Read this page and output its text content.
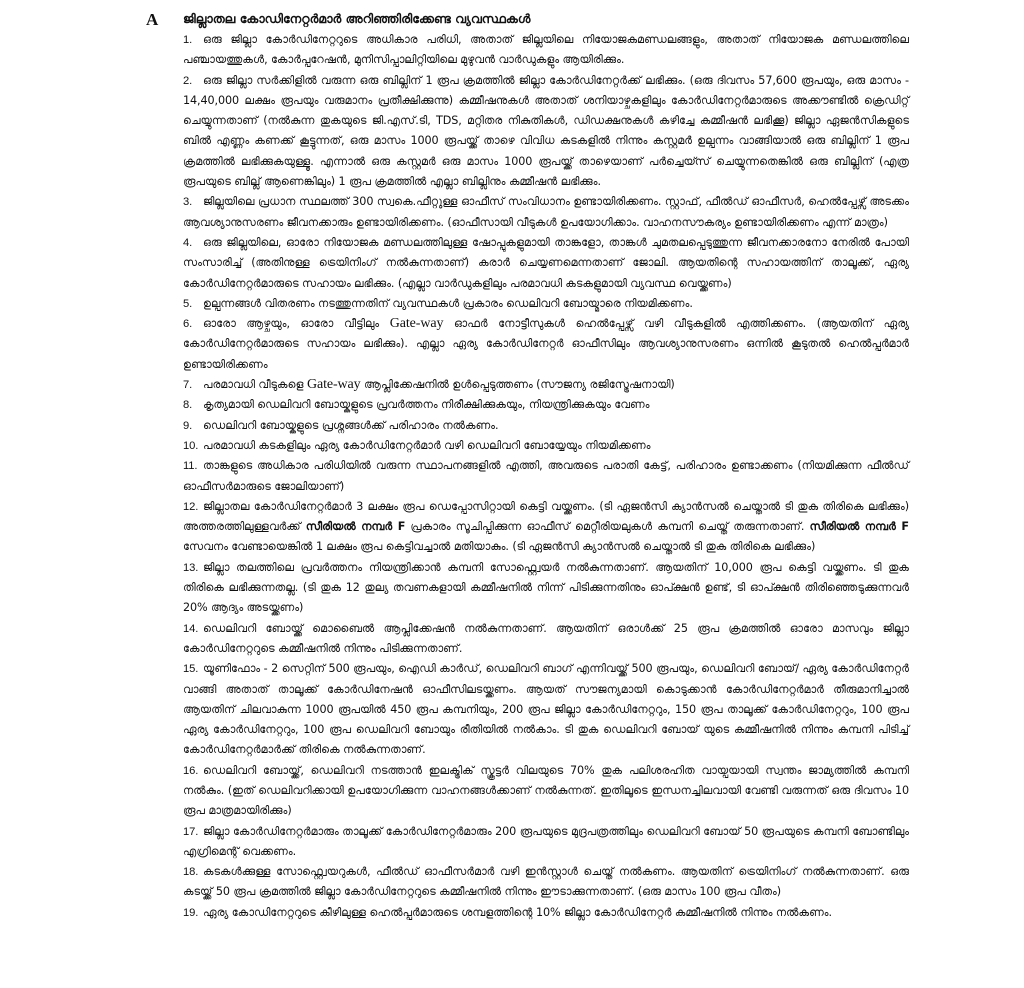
A ജില്ലാതല കോഡിനേറ്റർമാർ അറിഞ്ഞിരിക്കേണ്ട വ്യവസ്ഥകൾ
1. ഒരു ജില്ലാ കോർഡിനേറ്ററുടെ അധികാര പരിധി, അതാത് ജില്ലയിലെ നിയോജകമണ്ഡലങ്ങളും, അതാത് നിയോജക മണ്ഡലത്തിലെ പഞ്ചായത്തുകൾ, കോർപ്പറേഷൻ, മുനിസിപ്പാലിറ്റിയിലെ മുഴുവൻ വാർഡുകളും ആയിരിക്കും.
2. ഒരു ജില്ലാ സർക്കിളിൽ വരുന്ന ഒരു ബില്ലിന് 1 രൂപ ക്രമത്തിൽ ജില്ലാ കോർഡിനേറ്റർക്ക് ലഭിക്കും. (ഒരു ദിവസം 57,600 രൂപയും, ഒരു മാസം - 14,40,000 ലക്ഷം രൂപയും വരുമാനം പ്രതീക്ഷിക്കുന്നു) കമ്മീഷനുകൾ അതാത് ശനിയാഴ്ചകളിലും കോർഡിനേറ്റർമാരുടെ അക്കൗണ്ടിൽ ക്രെഡിറ്റ് ചെയ്യുന്നതാണ് (നൽകുന്ന തുകയുടെ ജി.എസ്.ടി, TDS, മറ്റിതര നികുതികൾ, ഡിഡക്ഷനുകൾ കഴിച്ചേ കമ്മീഷൻ ലഭിക്കൂ) ജില്ലാ ഏജൻസികളുടെ ബിൽ എണ്ണം കണക്ക് കൂട്ടുന്നത്, ഒരു മാസം 1000 രൂപയ്ക്ക് താഴെ വിവിധ കടകളിൽ നിന്നും കസ്റ്റമർ ഉല്പന്നം വാങ്ങിയാൽ ഒരു ബില്ലിന് 1 രൂപ ക്രമത്തിൽ ലഭിക്കുകയുള്ളൂ. എന്നാൽ ഒരു കസ്റ്റമർ ഒരു മാസം 1000 രൂപയ്ക്ക് താഴെയാണ് പർച്ചെയ്സ് ചെയ്യുന്നതെങ്കിൽ ഒരു ബില്ലിന് (എത്ര രൂപയുടെ ബില്ല് ആണെങ്കിലും) 1 രൂപ ക്രമത്തിൽ എല്ലാ ബില്ലിനും കമ്മീഷൻ ലഭിക്കും.
3. ജില്ലയിലെ പ്രധാന സ്ഥലത്ത് 300 സ്വകെ.ഫീറ്റുള്ള ഓഫീസ് സംവിധാനം ഉണ്ടായിരിക്കണം. സ്റ്റാഫ്, ഫീൽഡ് ഓഫീസർ, ഹെൽപ്പേഴ്സ് അടക്കം ആവശ്യാനുസരണം ജീവനക്കാരും ഉണ്ടായിരിക്കണം. (ഓഫീസായി വീടുകൾ ഉപയോഗിക്കാം. വാഹനസൗകര്യം ഉണ്ടായിരിക്കണം എന്ന് മാത്രം)
4. ഒരു ജില്ലയിലെ, ഓരോ നിയോജക മണ്ഡലത്തിലുള്ള ഷോപ്പുകളുമായി താങ്കളോ, താങ്കൾ ചുമതലപ്പെടുത്തുന്ന ജീവനക്കാരനോ നേരിൽ പോയി സംസാരിച്ച് (അതിനുള്ള ട്രെയിനിംഗ് നൽകുന്നതാണ്) കരാർ ചെയ്യണമെന്നതാണ് ജോലി. ആയതിന്റെ സഹായത്തിന് താലൂക്ക്, ഏര്യ കോർഡിനേറ്റർമാരുടെ സഹായം ലഭിക്കും. (എല്ലാ വാർഡുകളിലും പരമാവധി കടകളുമായി വ്യവസ്ഥ വെയ്ക്കണം)
5. ഉല്പന്നങ്ങൾ വിതരണം നടത്തുന്നതിന് വ്യവസ്ഥകൾ പ്രകാരം ഡെലിവറി ബോയ്മാരെ നിയമിക്കണം.
6. ഓരോ ആഴ്ചയും, ഓരോ വീട്ടിലും Gate-way ഓഫർ നോട്ടീസുകൾ ഹെൽപ്പേഴ്സ് വഴി വീടുകളിൽ എത്തിക്കണം. (ആയതിന് ഏര്യ കോർഡിനേറ്റർമാരുടെ സഹായം ലഭിക്കും). എല്ലാ ഏര്യ കോർഡിനേറ്റർ ഓഫീസിലും ആവശ്യാനുസരണം ഒന്നിൽ കൂടുതൽ ഹെൽപ്പർമാർ ഉണ്ടായിരിക്കണം
7. പരമാവധി വീടുകളെ Gate-way ആപ്ലിക്കേഷനിൽ ഉൾപ്പെടുത്തണം (സൗജന്യ രജിസ്ട്രേഷനായി)
8. കൃത്യമായി ഡെലിവറി ബോയ്കളുടെ പ്രവർത്തനം നിരീക്ഷിക്കുകയും, നിയന്ത്രിക്കുകയും വേണം
9. ഡെലിവറി ബോയ്കളുടെ പ്രശ്നങ്ങൾക്ക് പരിഹാരം നൽകണം.
10. പരമാവധി കടകളിലും ഏര്യ കോർഡിനേറ്റർമാർ വഴി ഡെലിവറി ബോയ്യേയും നിയമിക്കണം
11. താങ്കളുടെ അധികാര പരിധിയിൽ വരുന്ന സ്ഥാപനങ്ങളിൽ എത്തി, അവരുടെ പരാതി കേട്ട്, പരിഹാരം ഉണ്ടാക്കണം (നിയമിക്കുന്ന ഫീൽഡ് ഓഫീസർമാരുടെ ജോലിയാണ്)
12. ജില്ലാതല കോർഡിനേറ്റർമാർ 3 ലക്ഷം രൂപ ഡെപ്പോസിറ്റായി കെട്ടി വയ്ക്കണം. (ടി ഏജൻസി ക്യാൻസൽ ചെയ്താൽ ടി തുക തിരികെ ലഭിക്കും) അത്തരത്തിലുള്ളവർക്ക് സീരിയൽ നമ്പർ F പ്രകാരം സൂചിപ്പിക്കുന്ന ഓഫീസ് മെറ്റീരിയലുകൾ കമ്പനി ചെയ്ത് തരുന്നതാണ്. സീരിയൽ നമ്പർ F സേവനം വേണ്ടായെങ്കിൽ 1 ലക്ഷം രൂപ കെട്ടിവച്ചാൽ മതിയാകും. (ടി ഏജൻസി ക്യാൻസൽ ചെയ്താൽ ടി തുക തിരികെ ലഭിക്കും)
13. ജില്ലാ തലത്തിലെ പ്രവർത്തനം നിയന്ത്രിക്കാൻ കമ്പനി സോഫ്റ്റ്വെയർ നൽകുന്നതാണ്. ആയതിന് 10,000 രൂപ കെട്ടി വയ്ക്കണം. ടി തുക തിരികെ ലഭിക്കുന്നതല്ല. (ടി തുക 12 തുല്യ തവണകളായി കമ്മീഷനിൽ നിന്ന് പിടിക്കുന്നതിനും ഓപ്ക്ഷൻ ഉണ്ട്, ടി ഓപ്ക്ഷൻ തിരിഞ്ഞെടുക്കുന്നവർ 20% ആദ്യം അടയ്ക്കണം)
14. ഡെലിവറി ബോയ്ക്ക് മൊബൈൽ ആപ്ലിക്കേഷൻ നൽകുന്നതാണ്. ആയതിന് ഒരാൾക്ക് 25 രൂപ ക്രമത്തിൽ ഓരോ മാസവും ജില്ലാ കോർഡിനേറ്ററുടെ കമ്മീഷനിൽ നിന്നും പിടിക്കുന്നതാണ്.
15. യൂണിഫോം - 2 സെറ്റിന് 500 രൂപയും, ഐഡി കാർഡ്, ഡെലിവറി ബാഗ് എന്നിവയ്ക്ക് 500 രൂപയും, ഡെലിവറി ബോയ്/ ഏര്യ കോർഡിനേറ്റർ വാങ്ങി അതാത് താലൂക്ക് കോർഡിനേഷൻ ഓഫീസിലടയ്ക്കണം. ആയത് സൗജന്യമായി കൊടുക്കാൻ കോർഡിനേറ്റർമാർ തീരുമാനിച്ചാൽ ആയതിന് ചിലവാകുന്ന 1000 രൂപയിൽ 450 രൂപ കമ്പനിയും, 200 രൂപ ജില്ലാ കോർഡിനേറ്ററും, 150 രൂപ താലൂക്ക് കോർഡിനേറ്ററും, 100 രൂപ ഏര്യ കോർഡിനേറ്ററും, 100 രൂപ ഡെലിവറി ബോയും രീതിയിൽ നൽകാം. ടി തുക ഡെലിവറി ബോയ് യുടെ കമ്മീഷനിൽ നിന്നും കമ്പനി പിടിച്ച് കോർഡിനേറ്റർമാർക്ക് തിരികെ നൽകുന്നതാണ്.
16. ഡെലിവറി ബോയ്ക്ക്, ഡെലിവറി നടത്താൻ ഇലക്ട്രിക് സ്കൂട്ടർ വിലയുടെ 70% തുക പലിശരഹിത വായ്പയായി സ്വന്തം ജാമ്യത്തിൽ കമ്പനി നൽകും. (ഇത് ഡെലിവറിക്കായി ഉപയോഗിക്കുന്ന വാഹനങ്ങൾക്കാണ് നൽകുന്നത്. ഇതിലൂടെ ഇന്ധനച്ചിലവായി വേണ്ടി വരുന്നത് ഒരു ദിവസം 10 രൂപ മാത്രമായിരിക്കും)
17. ജില്ലാ കോർഡിനേറ്റർമാരും താലൂക്ക് കോർഡിനേറ്റർമാരും 200 രൂപയുടെ മുദ്രപത്രത്തിലും ഡെലിവറി ബോയ് 50 രൂപയുടെ കമ്പനി ബോണ്ടിലും എഗ്രിമെന്റ് വെക്കണം.
18. കടകൾക്കുള്ള സോഫ്റ്റ്വെയറുകൾ, ഫീൽഡ് ഓഫീസർമാർ വഴി ഇൻസ്റ്റാൾ ചെയ്ത് നൽകണം. ആയതിന് ട്രെയിനിംഗ് നൽകുന്നതാണ്. ഒരു കടയ്ക്ക് 50 രൂപ ക്രമത്തിൽ ജില്ലാ കോർഡിനേറ്ററുടെ കമ്മീഷനിൽ നിന്നും ഈടാക്കുന്നതാണ്. (ഒരു മാസം 100 രൂപ വീതം)
19. ഏര്യ കോഡിനേറ്ററുടെ കീഴിലുള്ള ഹെൽപ്പർമാരുടെ ശമ്പളത്തിന്റെ 10% ജില്ലാ കോർഡിനേറ്റർ കമ്മീഷനിൽ നിന്നും നൽകണം.
